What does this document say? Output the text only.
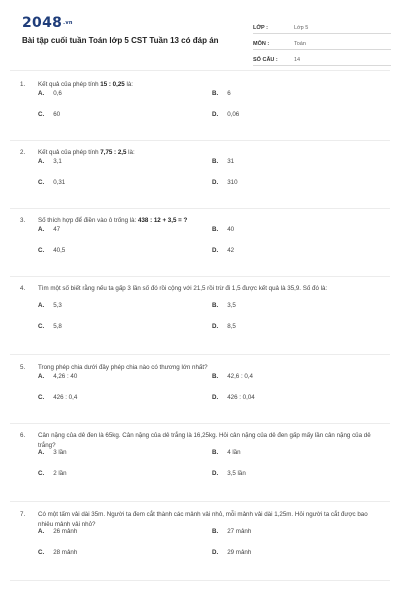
2048.vn
Bài tập cuối tuần Toán lớp 5 CST Tuần 13 có đáp án
LỚP :	Lớp 5
MÔN :	Toán
SỐ CÂU :	14
1. Kết quả của phép tính 15 : 0,25 là:
A. 0,6	B. 6
C. 60	D. 0,06
2. Kết quả của phép tính 7,75 : 2,5 là:
A. 3,1	B. 31
C. 0,31	D. 310
3. Số thích hợp để điền vào ô trống là: 438 : 12 + 3,5 = ?
A. 47	B. 40
C. 40,5	D. 42
4. Tìm một số biết rằng nếu ta gấp 3 lần số đó rồi cộng với 21,5 rồi trừ đi 1,5 được kết quả là 35,9. Số đó là:
A. 5,3	B. 3,5
C. 5,8	D. 8,5
5. Trong phép chia dưới đây phép chia nào có thương lớn nhất?
A. 4,26 : 40	B. 42,6 : 0,4
C. 426 : 0,4	D. 426 : 0,04
6. Cân nặng của dê đen là 65kg. Cân nặng của dê trắng là 16,25kg. Hỏi cân nặng của dê đen gấp mấy lần cân nặng của dê trắng?
A. 3 lần	B. 4 lần
C. 2 lần	D. 3,5 lần
7. Có một tấm vải dài 35m. Người ta đem cắt thành các mảnh vải nhỏ, mỗi mảnh vải dài 1,25m. Hỏi người ta cắt được bao nhiêu mảnh vải nhỏ?
A. 26 mảnh	B. 27 mảnh
C. 28 mảnh	D. 29 mảnh
